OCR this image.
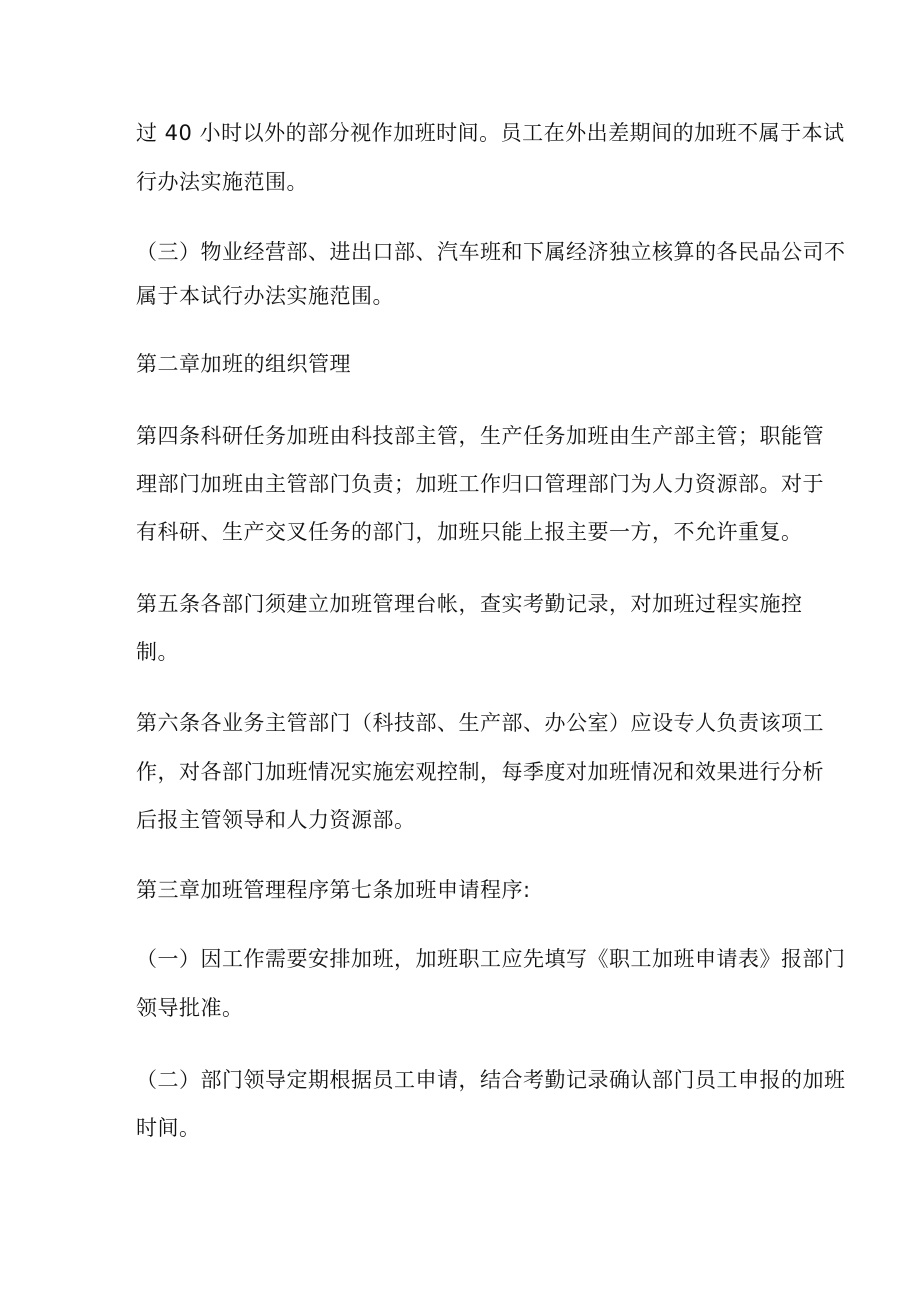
过 40 小时以外的部分视作加班时间。员工在外出差期间的加班不属于本试
行办法实施范围。
（三）物业经营部、进出口部、汽车班和下属经济独立核算的各民品公司不
属于本试行办法实施范围。
第二章加班的组织管理
第四条科研任务加班由科技部主管，生产任务加班由生产部主管；职能管
理部门加班由主管部门负责；加班工作归口管理部门为人力资源部。对于
有科研、生产交叉任务的部门，加班只能上报主要一方，不允许重复。
第五条各部门须建立加班管理台帐，查实考勤记录，对加班过程实施控
制。
第六条各业务主管部门（科技部、生产部、办公室）应设专人负责该项工
作，对各部门加班情况实施宏观控制，每季度对加班情况和效果进行分析
后报主管领导和人力资源部。
第三章加班管理程序第七条加班申请程序:
（一）因工作需要安排加班，加班职工应先填写《职工加班申请表》报部门
领导批准。
（二）部门领导定期根据员工申请，结合考勤记录确认部门员工申报的加班
时间。
